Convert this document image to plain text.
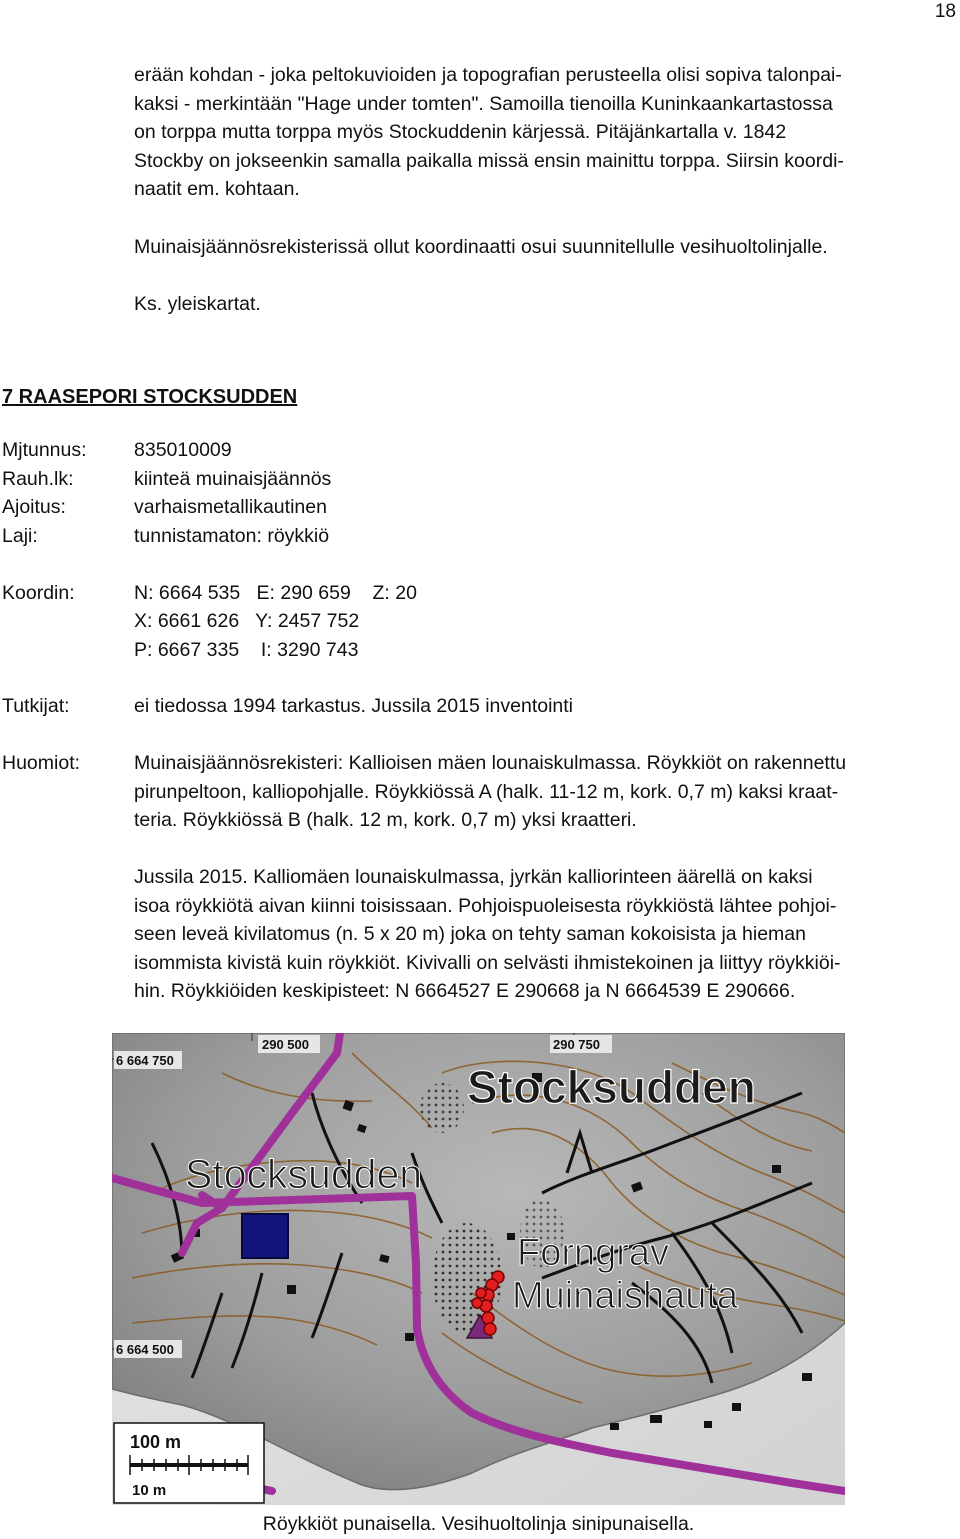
18

erään kohdan - joka peltokuvioiden ja topografian perusteella olisi sopiva talonpai-
kaksi - merkintään "Hage under tomten". Samoilla tienoilla Kuninkaankartastossa
on torppa mutta torppa myös Stockuddenin kärjessä. Pitäjänkartalla v. 1842
Stockby on jokseenkin samalla paikalla missä ensin mainittu torppa. Siirsin koordi-
naatit em. kohtaan.

Muinaisjäännösrekisterissä ollut koordinaatti osui suunnitellulle vesihuoltolinjalle.

Ks. yleiskartat.

7 RAASEPORI STOCKSUDDEN
Mjtunnus: 835010009
Rauh.lk:	kiinteä muinaisjäännös
Ajoitus:	varhaismetallikautinen
Laji:	tunnistamaton: röykkiö
Koordin:	N: 6664 535   E: 290 659    Z: 20
X: 6661 626   Y: 2457 752
P: 6667 335    I: 3290 743
Tutkijat:	ei tiedossa 1994 tarkastus. Jussila 2015 inventointi
Huomiot:	Muinaisjäännösrekisteri: Kallioisen mäen lounaiskulmassa. Röykkiöt on rakennettu
pirunpeltoon, kalliopohjalle. Röykkiössä A (halk. 11-12 m, kork. 0,7 m) kaksi kraat-
teria. Röykkiössä B (halk. 12 m, kork. 0,7 m) yksi kraatteri.

Jussila 2015. Kalliomäen lounaiskulmassa, jyrkän kalliorinteen äärellä on kaksi
isoa röykkiötä aivan kiinni toisissaan. Pohjoispuoleisesta röykkiöstä lähtee pohjoi-
seen leveä kivilatomus (n. 5 x 20 m) joka on tehty saman kokoisista ja hieman
isommista kivistä kuin röykkiöt. Kivivalli on selvästi ihmistekoinen ja liittyy röykkiöi-
hin. Röykkiöiden keskipisteet: N 6664527 E 290668 ja N 6664539 E 290666.

290 500	290 750
6 664 750
6 664 500
Stocksudden
Stocksudden
Forngrav
Muinaishauta
100 m
10 m
Röykkiöt punaisella. Vesihuoltolinja sinipunaisella.
